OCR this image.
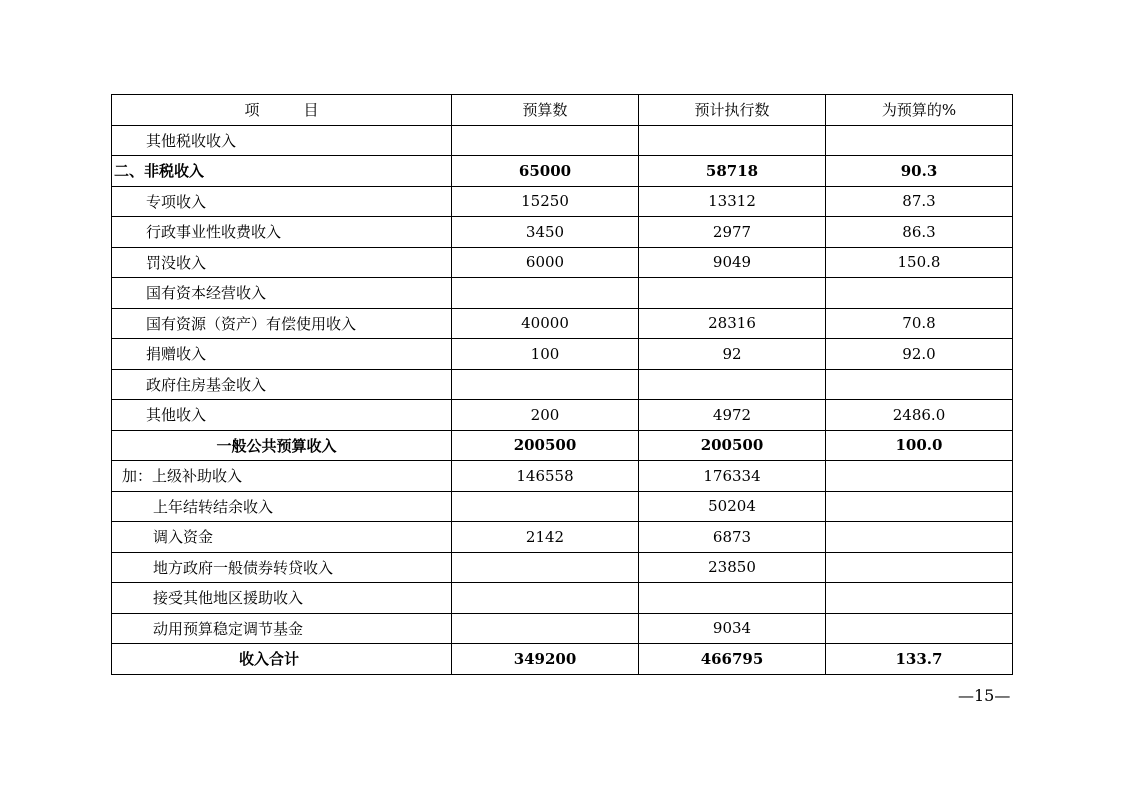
项 目	预算数	预计执行数	为预算的%
其他税收收入			
二、非税收入	65000	58718	90.3
专项收入	15250	13312	87.3
行政事业性收费收入	3450	2977	86.3
罚没收入	6000	9049	150.8
国有资本经营收入			
国有资源（资产）有偿使用收入	40000	28316	70.8
捐赠收入	100	92	92.0
政府住房基金收入			
其他收入	200	4972	2486.0
一般公共预算收入	200500	200500	100.0
加：上级补助收入	146558	176334	
上年结转结余收入		50204	
调入资金	2142	6873	
地方政府一般债券转贷收入		23850	
接受其他地区援助收入			
动用预算稳定调节基金		9034	
收入合计	349200	466795	133.7
—15—
